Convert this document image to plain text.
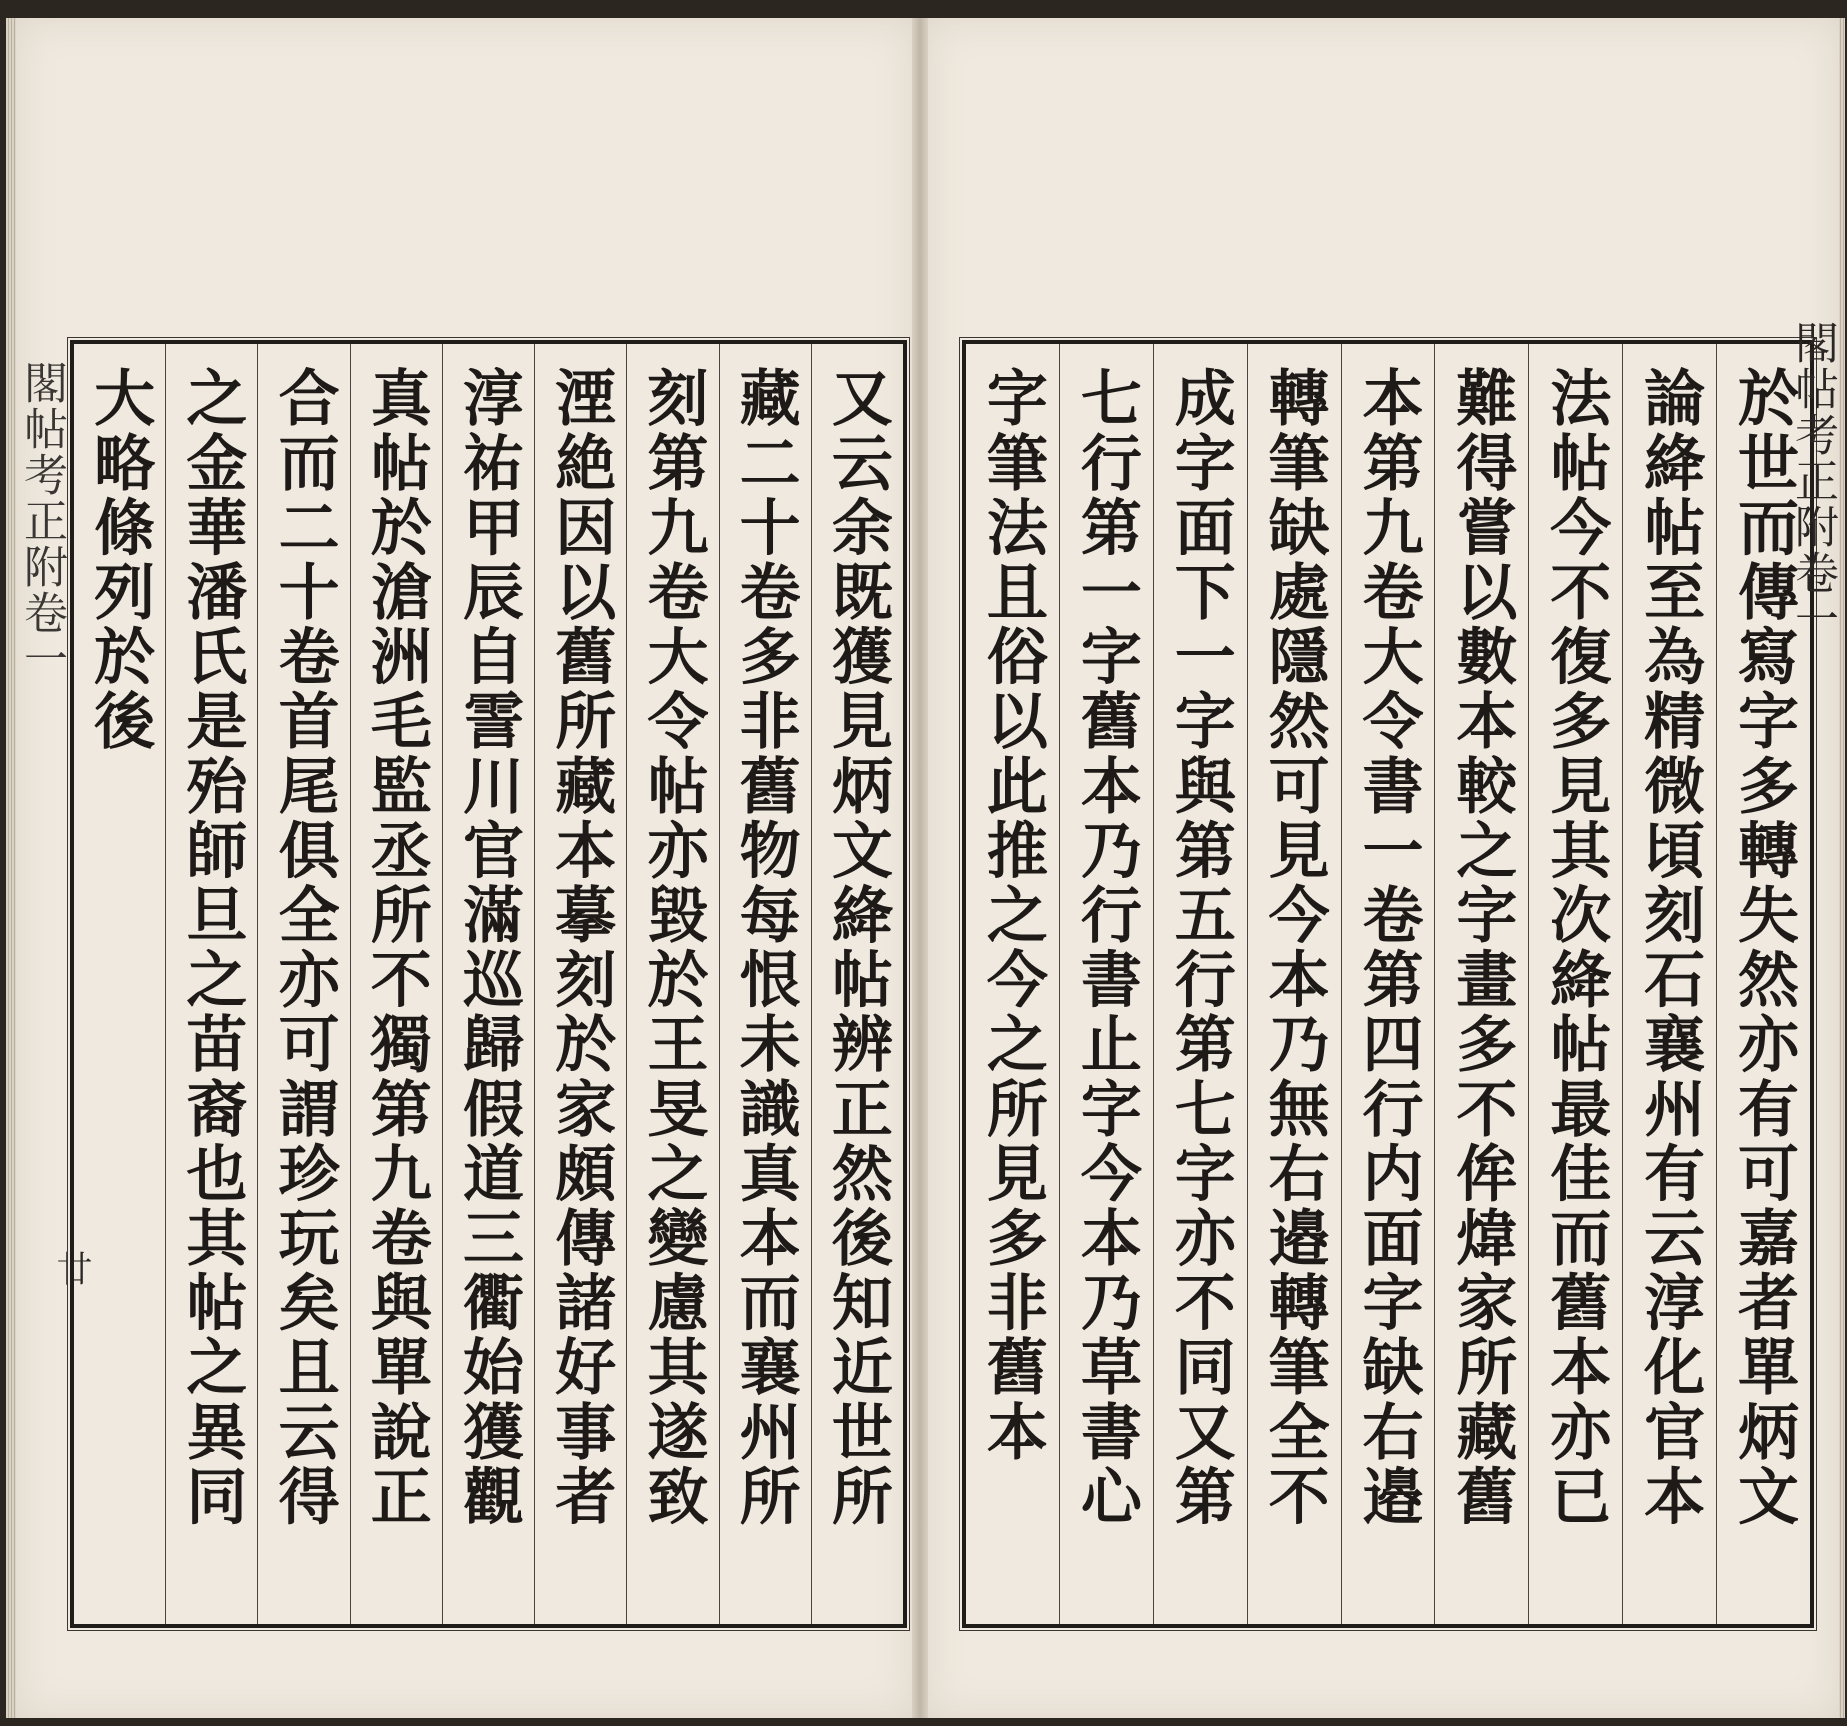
閣帖考正附卷一
廿	又云余既獲見炳文絳帖辨正然後知近世所
藏二十卷多非舊物每恨未識真本而襄州所
刻第九卷大令帖亦毀於王旻之變慮其遂致
湮絶因以舊所藏本摹刻於家頗傳諸好事者
淳祐甲辰自霅川官滿巡歸假道三衢始獲觀
真帖於滄洲毛監丞所不獨第九卷與單說正
合而二十卷首尾俱全亦可謂珍玩矣且云得
之金華潘氏是殆師旦之苗裔也其帖之異同
大略條列於後	於世而傳寫字多轉失然亦有可嘉者單炳文
論絳帖至為精微頃刻石襄州有云淳化官本
法帖今不復多見其次絳帖最佳而舊本亦已
難得嘗以數本較之字畫多不侔煒家所藏舊
本第九卷大令書一卷第四行内面字缺右邉
轉筆缺處隱然可見今本乃無右邉轉筆全不
成字面下一字與第五行第七字亦不同又第
七行第一字舊本乃行書止字今本乃草書心
字筆法且俗以此推之今之所見多非舊本	閣帖考正附卷一
